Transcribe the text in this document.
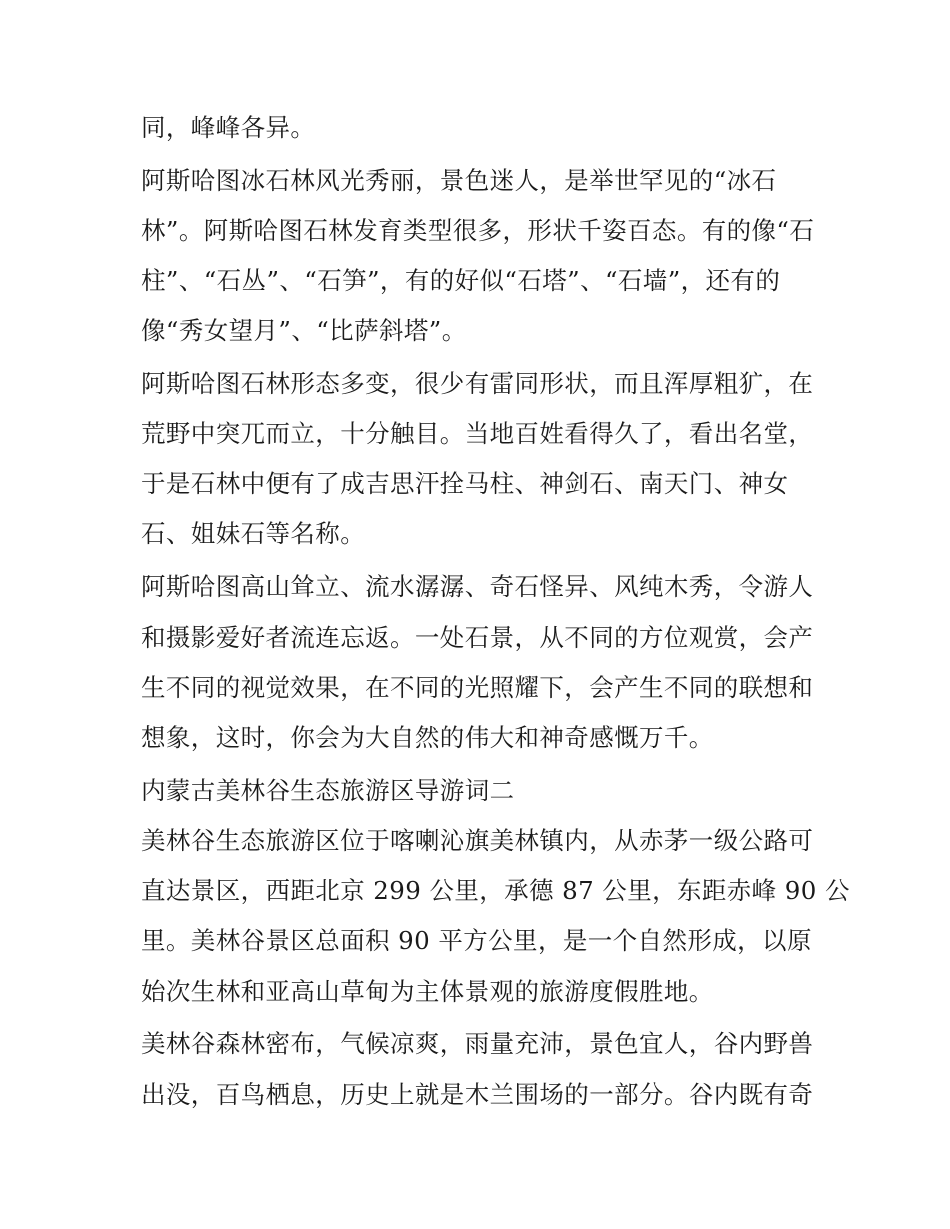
同，峰峰各异。
阿斯哈图冰石林风光秀丽，景色迷人，是举世罕见的“冰石
林”。阿斯哈图石林发育类型很多，形状千姿百态。有的像“石
柱”、“石丛”、“石笋”，有的好似“石塔”、“石墙”，还有的
像“秀女望月”、“比萨斜塔”。
阿斯哈图石林形态多变，很少有雷同形状，而且浑厚粗犷，在
荒野中突兀而立，十分触目。当地百姓看得久了，看出名堂，
于是石林中便有了成吉思汗拴马柱、神剑石、南天门、神女
石、姐妹石等名称。
阿斯哈图高山耸立、流水潺潺、奇石怪异、风纯木秀，令游人
和摄影爱好者流连忘返。一处石景，从不同的方位观赏，会产
生不同的视觉效果，在不同的光照耀下，会产生不同的联想和
想象，这时，你会为大自然的伟大和神奇感慨万千。
内蒙古美林谷生态旅游区导游词二
美林谷生态旅游区位于喀喇沁旗美林镇内，从赤茅一级公路可
直达景区，西距北京 299 公里，承德 87 公里，东距赤峰 90 公
里。美林谷景区总面积 90 平方公里，是一个自然形成，以原
始次生林和亚高山草甸为主体景观的旅游度假胜地。
美林谷森林密布，气候凉爽，雨量充沛，景色宜人，谷内野兽
出没，百鸟栖息，历史上就是木兰围场的一部分。谷内既有奇
